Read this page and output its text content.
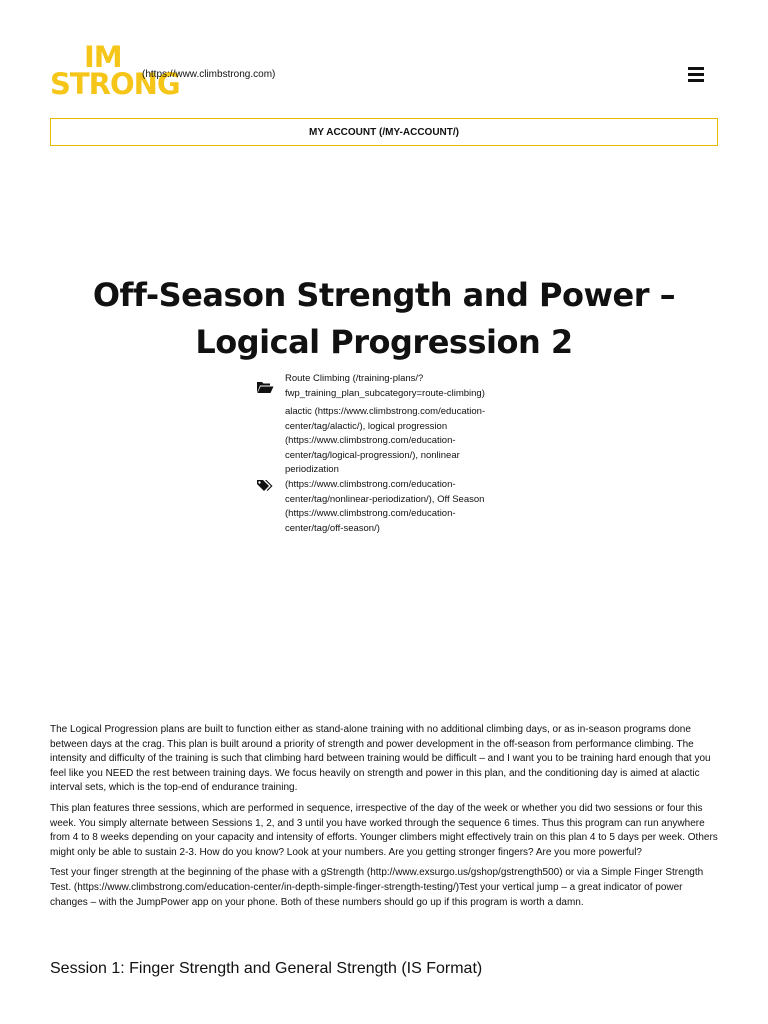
IM
STRONG
(https://www.climbstrong.com)
MY ACCOUNT (/MY-ACCOUNT/)
Off-Season Strength and Power – Logical Progression 2
Route Climbing (/training-plans/?fwp_training_plan_subcategory=route-climbing)
alactic (https://www.climbstrong.com/education-center/tag/alactic/), logical progression (https://www.climbstrong.com/education-center/tag/logical-progression/), nonlinear periodization (https://www.climbstrong.com/education-center/tag/nonlinear-periodization/), Off Season (https://www.climbstrong.com/education-center/tag/off-season/)

The Logical Progression plans are built to function either as stand-alone training with no additional climbing days, or as in-season programs done between days at the crag. This plan is built around a priority of strength and power development in the off-season from performance climbing. The intensity and difficulty of the training is such that climbing hard between training would be difficult – and I want you to be training hard enough that you feel like you NEED the rest between training days. We focus heavily on strength and power in this plan, and the conditioning day is aimed at alactic interval sets, which is the top-end of endurance training.

This plan features three sessions, which are performed in sequence, irrespective of the day of the week or whether you did two sessions or four this week. You simply alternate between Sessions 1, 2, and 3 until you have worked through the sequence 6 times. Thus this program can run anywhere from 4 to 8 weeks depending on your capacity and intensity of efforts. Younger climbers might effectively train on this plan 4 to 5 days per week. Others might only be able to sustain 2-3. How do you know? Look at your numbers. Are you getting stronger fingers? Are you more powerful?

Test your finger strength at the beginning of the phase with a gStrength (http://www.exsurgo.us/gshop/gstrength500) or via a Simple Finger Strength Test. (https://www.climbstrong.com/education-center/in-depth-simple-finger-strength-testing/)Test your vertical jump – a great indicator of power changes – with the JumpPower app on your phone. Both of these numbers should go up if this program is worth a damn.

Session 1: Finger Strength and General Strength (IS Format)
